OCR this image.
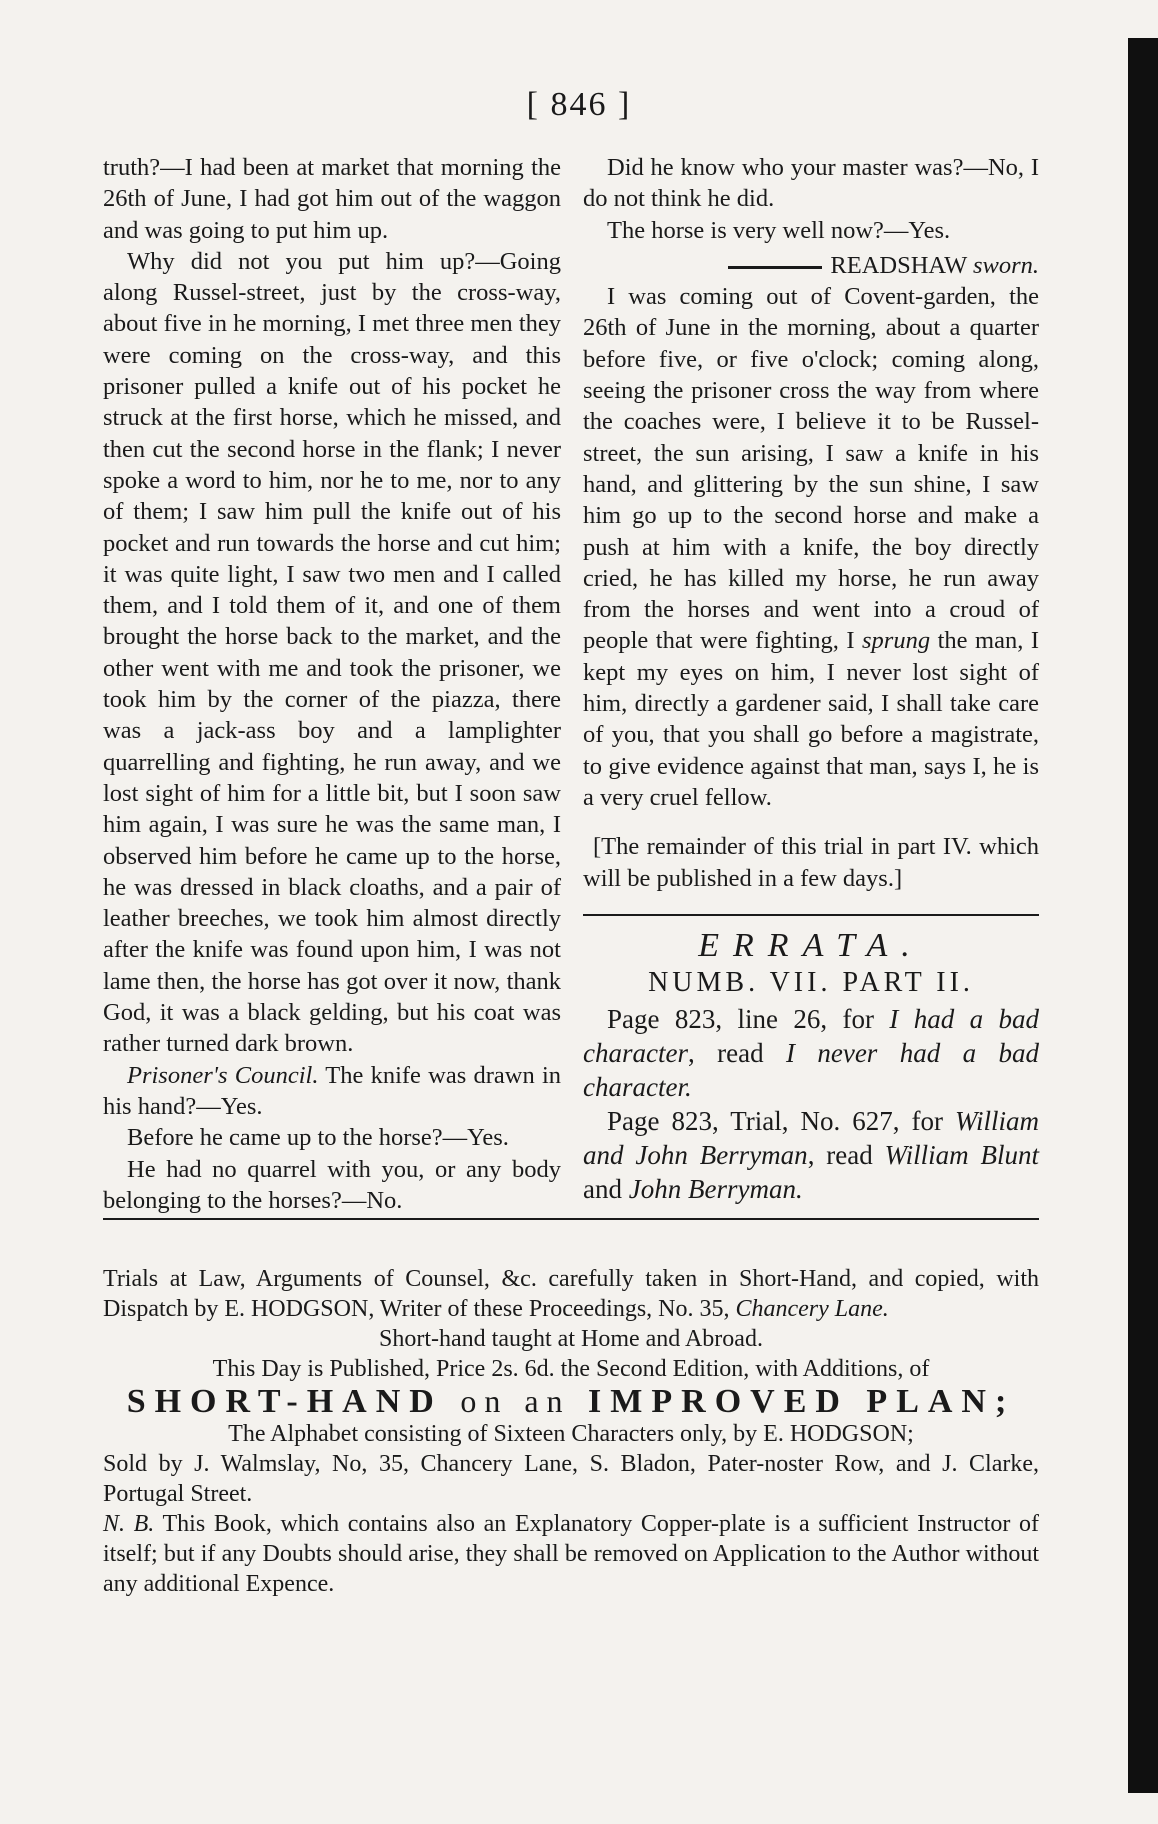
[ 846 ]

truth?—I had been at market that morning the 26th of June, I had got him out of the waggon and was going to put him up.

Why did not you put him up?—Going along Russel-street, just by the cross-way, about five in he morning, I met three men they were coming on the cross-way, and this prisoner pulled a knife out of his pocket he struck at the first horse, which he missed, and then cut the second horse in the flank; I never spoke a word to him, nor he to me, nor to any of them; I saw him pull the knife out of his pocket and run towards the horse and cut him; it was quite light, I saw two men and I called them, and I told them of it, and one of them brought the horse back to the market, and the other went with me and took the prisoner, we took him by the corner of the piazza, there was a jack-ass boy and a lamplighter quarrelling and fighting, he run away, and we lost sight of him for a little bit, but I soon saw him again, I was sure he was the same man, I observed him before he came up to the horse, he was dressed in black cloaths, and a pair of leather breeches, we took him almost directly after the knife was found upon him, I was not lame then, the horse has got over it now, thank God, it was a black gelding, but his coat was rather turned dark brown.

Prisoner's Council. The knife was drawn in his hand?—Yes.

Before he came up to the horse?—Yes.

He had no quarrel with you, or any body belonging to the horses?—No.

Did he know who your master was?—No, I do not think he did.

The horse is very well now?—Yes.

READSHAW sworn.

I was coming out of Covent-garden, the 26th of June in the morning, about a quarter before five, or five o'clock; coming along, seeing the prisoner cross the way from where the coaches were, I believe it to be Russel-street, the sun arising, I saw a knife in his hand, and glittering by the sun shine, I saw him go up to the second horse and make a push at him with a knife, the boy directly cried, he has killed my horse, he run away from the horses and went into a croud of people that were fighting, I sprung the man, I kept my eyes on him, I never lost sight of him, directly a gardener said, I shall take care of you, that you shall go before a magistrate, to give evidence against that man, says I, he is a very cruel fellow.

[The remainder of this trial in part IV. which will be published in a few days.]

ERRATA.

NUMB. VII. PART II.

Page 823, line 26, for I had a bad character, read I never had a bad character.

Page 823, Trial, No. 627, for William and John Berryman, read William Blunt and John Berryman.

Trials at Law, Arguments of Counsel, &c. carefully taken in Short-Hand, and copied, with Dispatch by E. HODGSON, Writer of these Proceedings, No. 35, Chancery Lane.

Short-hand taught at Home and Abroad.

This Day is Published, Price 2s. 6d. the Second Edition, with Additions, of

SHORT-HAND on an IMPROVED PLAN;

The Alphabet consisting of Sixteen Characters only, by E. HODGSON;

Sold by J. Walmslay, No, 35, Chancery Lane, S. Bladon, Pater-noster Row, and J. Clarke, Portugal Street.

N. B. This Book, which contains also an Explanatory Copper-plate is a sufficient Instructor of itself; but if any Doubts should arise, they shall be removed on Application to the Author without any additional Expence.
